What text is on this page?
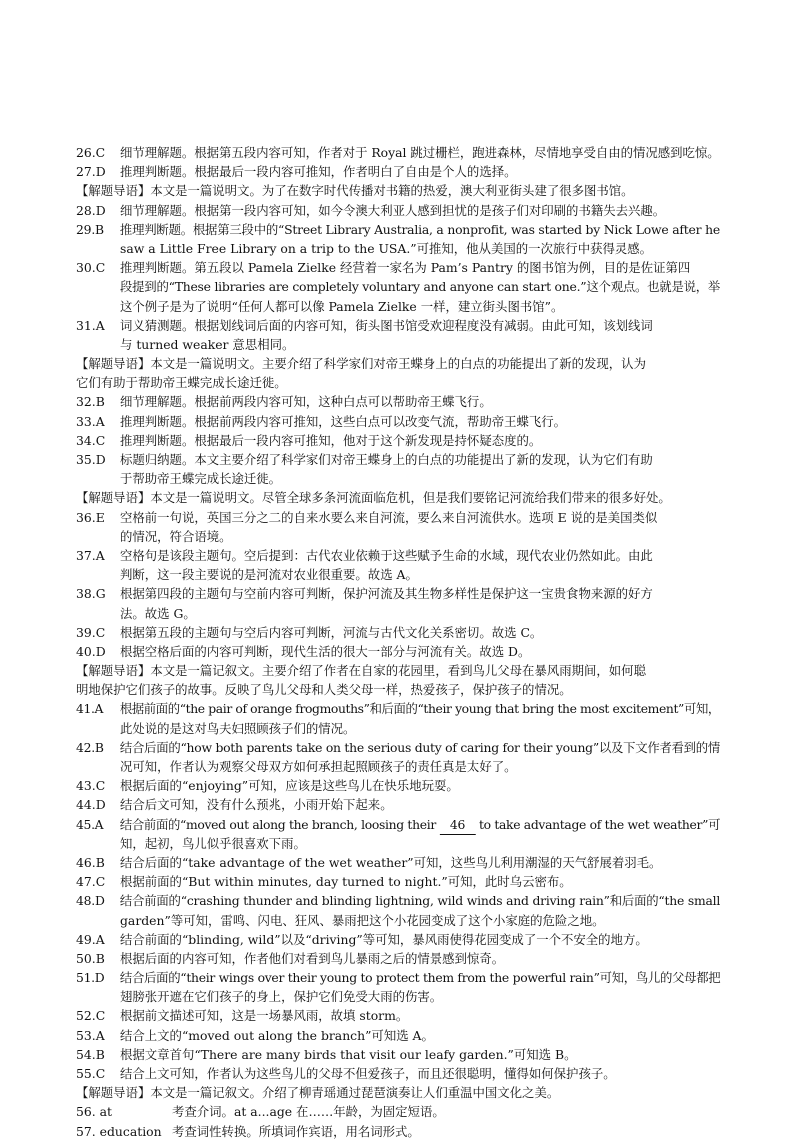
26.C 细节理解题。根据第五段内容可知，作者对于 Royal 跳过栅栏，跑进森林，尽情地享受自由的情况感到吃惊。
27.D 推理判断题。根据最后一段内容可推知，作者明白了自由是个人的选择。
【解题导语】本文是一篇说明文。为了在数字时代传播对书籍的热爱，澳大利亚街头建了很多图书馆。
28.D 细节理解题。根据第一段内容可知，如今令澳大利亚人感到担忧的是孩子们对印刷的书籍失去兴趣。
29.B 推理判断题。根据第三段中的“Street Library Australia, a nonprofit, was started by Nick Lowe after he
saw a Little Free Library on a trip to the USA.”可推知，他从美国的一次旅行中获得灵感。
30.C 推理判断题。第五段以 Pamela Zielke 经营着一家名为 Pam’s Pantry 的图书馆为例，目的是佐证第四
段提到的“These libraries are completely voluntary and anyone can start one.”这个观点。也就是说，举
这个例子是为了说明“任何人都可以像 Pamela Zielke 一样，建立街头图书馆”。
31.A 词义猜测题。根据划线词后面的内容可知，街头图书馆受欢迎程度没有减弱。由此可知，该划线词
与 turned weaker 意思相同。
【解题导语】本文是一篇说明文。主要介绍了科学家们对帝王蝶身上的白点的功能提出了新的发现，认为
它们有助于帮助帝王蝶完成长途迁徙。
32.B 细节理解题。根据前两段内容可知，这种白点可以帮助帝王蝶飞行。
33.A 推理判断题。根据前两段内容可推知，这些白点可以改变气流，帮助帝王蝶飞行。
34.C 推理判断题。根据最后一段内容可推知，他对于这个新发现是持怀疑态度的。
35.D 标题归纳题。本文主要介绍了科学家们对帝王蝶身上的白点的功能提出了新的发现，认为它们有助
于帮助帝王蝶完成长途迁徙。
【解题导语】本文是一篇说明文。尽管全球多条河流面临危机，但是我们要铭记河流给我们带来的很多好处。
36.E 空格前一句说，英国三分之二的自来水要么来自河流，要么来自河流供水。选项 E 说的是美国类似
的情况，符合语境。
37.A 空格句是该段主题句。空后提到：古代农业依赖于这些赋予生命的水域，现代农业仍然如此。由此
判断，这一段主要说的是河流对农业很重要。故选 A。
38.G 根据第四段的主题句与空前内容可判断，保护河流及其生物多样性是保护这一宝贵食物来源的好方
法。故选 G。
39.C 根据第五段的主题句与空后内容可判断，河流与古代文化关系密切。故选 C。
40.D 根据空格后面的内容可判断，现代生活的很大一部分与河流有关。故选 D。
【解题导语】本文是一篇记叙文。主要介绍了作者在自家的花园里，看到鸟儿父母在暴风雨期间，如何聪
明地保护它们孩子的故事。反映了鸟儿父母和人类父母一样，热爱孩子，保护孩子的情况。
41.A 根据前面的“the pair of orange frogmouths”和后面的“their young that bring the most excitement”可知，
此处说的是这对鸟夫妇照顾孩子们的情况。
42.B 结合后面的“how both parents take on the serious duty of caring for their young”以及下文作者看到的情
况可知，作者认为观察父母双方如何承担起照顾孩子的责任真是太好了。
43.C 根据后面的“enjoying”可知，应该是这些鸟儿在快乐地玩耍。
44.D 结合后文可知，没有什么预兆，小雨开始下起来。
45.A 结合前面的“moved out along the branch, loosing their 46 to take advantage of the wet weather”可
知，起初，鸟儿似乎很喜欢下雨。
46.B 结合后面的“take advantage of the wet weather”可知，这些鸟儿利用潮湿的天气舒展着羽毛。
47.C 根据前面的“But within minutes, day turned to night.”可知，此时乌云密布。
48.D 结合前面的“crashing thunder and blinding lightning, wild winds and driving rain”和后面的“the small
garden”等可知，雷鸣、闪电、狂风、暴雨把这个小花园变成了这个小家庭的危险之地。
49.A 结合前面的“blinding, wild”以及“driving”等可知，暴风雨使得花园变成了一个不安全的地方。
50.B 根据后面的内容可知，作者他们对看到鸟儿暴雨之后的情景感到惊奇。
51.D 结合后面的“their wings over their young to protect them from the powerful rain”可知，鸟儿的父母都把
翅膀张开遮在它们孩子的身上，保护它们免受大雨的伤害。
52.C 根据前文描述可知，这是一场暴风雨，故填 storm。
53.A 结合上文的“moved out along the branch”可知选 A。
54.B 根据文章首句“There are many birds that visit our leafy garden.”可知选 B。
55.C 结合上文可知，作者认为这些鸟儿的父母不但爱孩子，而且还很聪明，懂得如何保护孩子。
【解题导语】本文是一篇记叙文。介绍了柳青瑶通过琵琶演奏让人们重温中国文化之美。
56. at	考查介词。at a...age 在……年龄，为固定短语。
57. education 考查词性转换。所填词作宾语，用名词形式。
